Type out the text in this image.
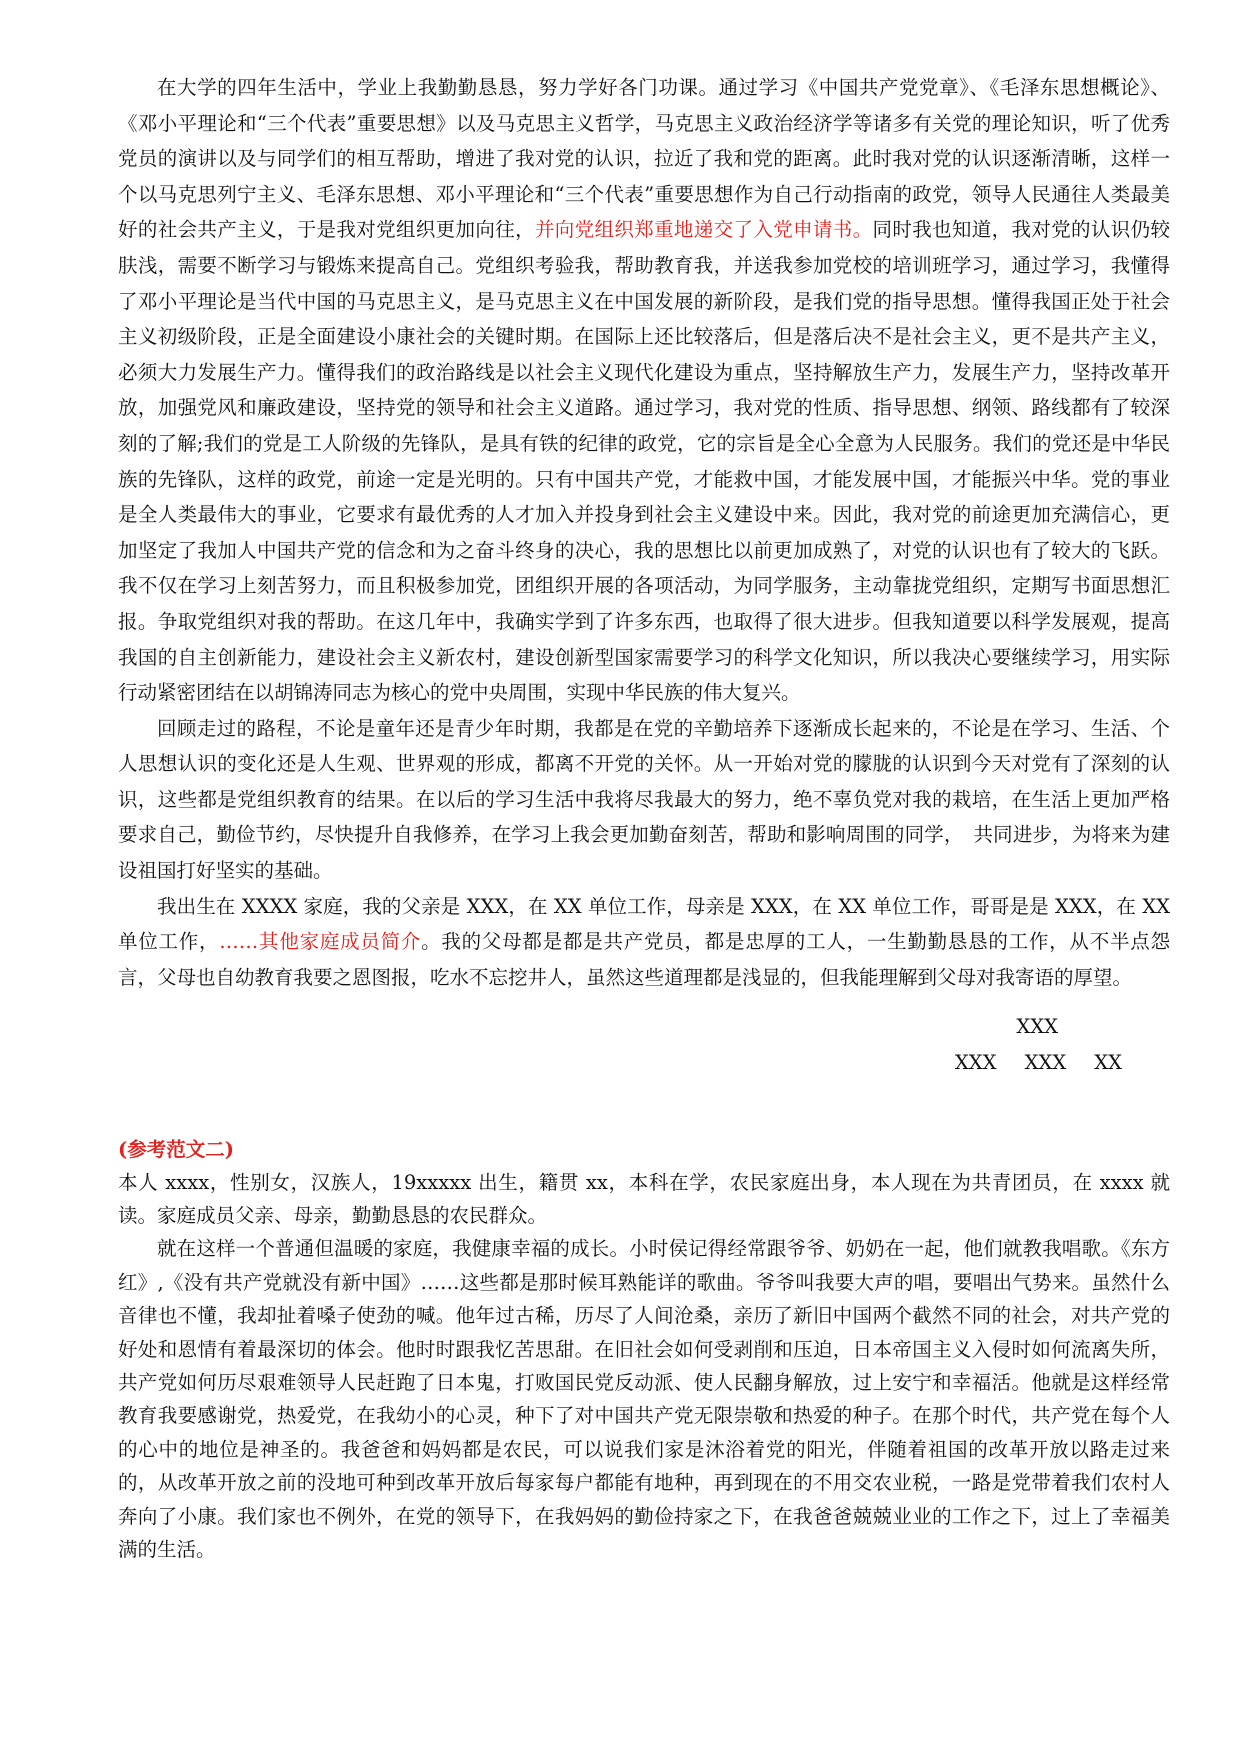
在大学的四年生活中，学业上我勤勤恳恳，努力学好各门功课。通过学习《中国共产党党章》、《毛泽东思想概论》、《邓小平理论和“三个代表”重要思想》以及马克思主义哲学，马克思主义政治经济学等诸多有关党的理论知识，听了优秀党员的演讲以及与同学们的相互帮助，增进了我对党的认识，拉近了我和党的距离。此时我对党的认识逐渐清晰，这样一个以马克思列宁主义、毛泽东思想、邓小平理论和“三个代表”重要思想作为自己行动指南的政党，领导人民通往人类最美好的社会共产主义，于是我对党组织更加向往，并向党组织郑重地递交了入党申请书。同时我也知道，我对党的认识仍较肤浅，需要不断学习与锻炼来提高自己。党组织考验我，帮助教育我，并送我参加党校的培训班学习，通过学习，我懂得了邓小平理论是当代中国的马克思主义，是马克思主义在中国发展的新阶段，是我们党的指导思想。懂得我国正处于社会主义初级阶段，正是全面建设小康社会的关键时期。在国际上还比较落后，但是落后决不是社会主义，更不是共产主义，必须大力发展生产力。懂得我们的政治路线是以社会主义现代化建设为重点，坚持解放生产力，发展生产力，坚持改革开放，加强党风和廉政建设，坚持党的领导和社会主义道路。通过学习，我对党的性质、指导思想、纲领、路线都有了较深刻的了解;我们的党是工人阶级的先锋队，是具有铁的纪律的政党，它的宗旨是全心全意为人民服务。我们的党还是中华民族的先锋队，这样的政党，前途一定是光明的。只有中国共产党，才能救中国，才能发展中国，才能振兴中华。党的事业是全人类最伟大的事业，它要求有最优秀的人才加入并投身到社会主义建设中来。因此，我对党的前途更加充满信心，更加坚定了我加人中国共产党的信念和为之奋斗终身的决心，我的思想比以前更加成熟了，对党的认识也有了较大的飞跃。我不仅在学习上刻苦努力，而且积极参加党，团组织开展的各项活动，为同学服务，主动靠拢党组织，定期写书面思想汇报。争取党组织对我的帮助。在这几年中，我确实学到了许多东西，也取得了很大进步。但我知道要以科学发展观，提高我国的自主创新能力，建设社会主义新农村，建设创新型国家需要学习的科学文化知识，所以我决心要继续学习，用实际行动紧密团结在以胡锦涛同志为核心的党中央周围，实现中华民族的伟大复兴。

回顾走过的路程，不论是童年还是青少年时期，我都是在党的辛勤培养下逐渐成长起来的，不论是在学习、生活、个人思想认识的变化还是人生观、世界观的形成，都离不开党的关怀。从一开始对党的朦胧的认识到今天对党有了深刻的认识，这些都是党组织教育的结果。在以后的学习生活中我将尽我最大的努力，绝不辜负党对我的栽培，在生活上更加严格要求自己，勤俭节约，尽快提升自我修养，在学习上我会更加勤奋刻苦，帮助和影响周围的同学，　共同进步，为将来为建设祖国打好坚实的基础。

我出生在 XXXX 家庭，我的父亲是 XXX，在 XX 单位工作，母亲是 XXX，在 XX 单位工作，哥哥是是 XXX，在 XX 单位工作，……其他家庭成员简介。我的父母都是都是共产党员，都是忠厚的工人，一生勤勤恳恳的工作，从不半点怨言，父母也自幼教育我要之恩图报，吃水不忘挖井人，虽然这些道理都是浅显的，但我能理解到父母对我寄语的厚望。

XXX
XXX XXX XX
(参考范文二)

本人 xxxx，性别女，汉族人，19xxxxx 出生，籍贯 xx，本科在学，农民家庭出身，本人现在为共青团员，在 xxxx 就读。家庭成员父亲、母亲，勤勤恳恳的农民群众。

就在这样一个普通但温暖的家庭，我健康幸福的成长。小时侯记得经常跟爷爷、奶奶在一起，他们就教我唱歌。《东方红》,《没有共产党就没有新中国》……这些都是那时候耳熟能详的歌曲。爷爷叫我要大声的唱，要唱出气势来。虽然什么音律也不懂，我却扯着嗓子使劲的喊。他年过古稀，历尽了人间沧桑，亲历了新旧中国两个截然不同的社会，对共产党的好处和恩情有着最深切的体会。他时时跟我忆苦思甜。在旧社会如何受剥削和压迫，日本帝国主义入侵时如何流离失所，共产党如何历尽艰难领导人民赶跑了日本鬼，打败国民党反动派、使人民翻身解放，过上安宁和幸福活。他就是这样经常教育我要感谢党，热爱党，在我幼小的心灵，种下了对中国共产党无限崇敬和热爱的种子。在那个时代，共产党在每个人的心中的地位是神圣的。我爸爸和妈妈都是农民，可以说我们家是沐浴着党的阳光，伴随着祖国的改革开放以路走过来的，从改革开放之前的没地可种到改革开放后每家每户都能有地种，再到现在的不用交农业税，一路是党带着我们农村人奔向了小康。我们家也不例外，在党的领导下，在我妈妈的勤俭持家之下，在我爸爸兢兢业业的工作之下，过上了幸福美满的生活。
